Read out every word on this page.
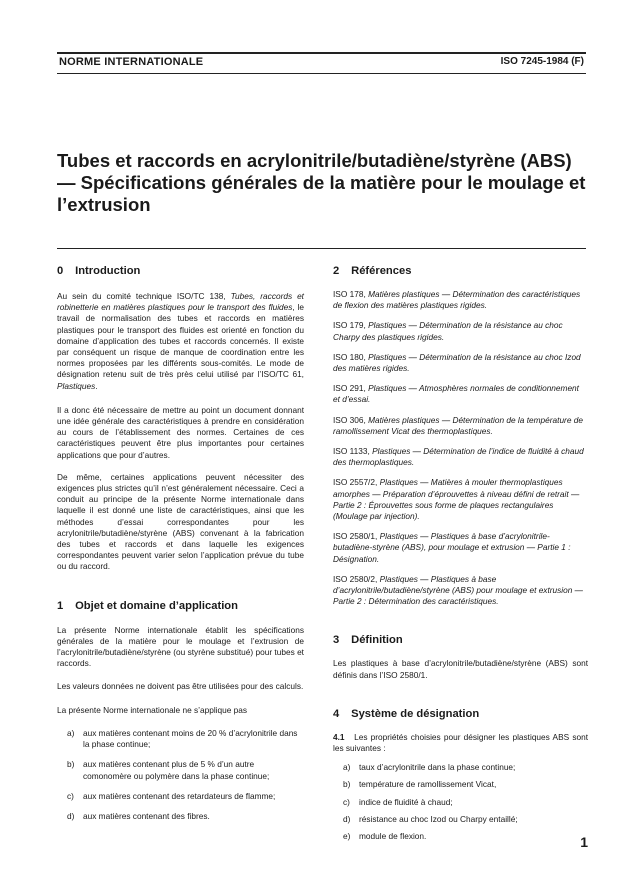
NORME INTERNATIONALE	ISO 7245-1984 (F)
Tubes et raccords en acrylonitrile/butadiène/styrène (ABS) — Spécifications générales de la matière pour le moulage et l’extrusion
0 Introduction

Au sein du comité technique ISO/TC 138, Tubes, raccords et robinetterie en matières plastiques pour le transport des fluides, le travail de normalisation des tubes et raccords en matières plastiques pour le transport des fluides est orienté en fonction du domaine d’application des tubes et raccords concernés. Il existe par conséquent un risque de manque de coordination entre les normes proposées par les différents sous-comités. Le mode de désignation retenu suit de très près celui utilisé par l’ISO/TC 61, Plastiques.

Il a donc été nécessaire de mettre au point un document donnant une idée générale des caractéristiques à prendre en considération au cours de l’établissement des normes. Certaines de ces caractéristiques peuvent être plus importantes pour certaines applications que pour d’autres.

De même, certaines applications peuvent nécessiter des exigences plus strictes qu’il n’est généralement nécessaire. Ceci a conduit au principe de la présente Norme internationale dans laquelle il est donné une liste de caractéristiques, ainsi que les méthodes d’essai correspondantes pour les acrylonitrile/butadiène/styrène (ABS) convenant à la fabrication des tubes et raccords et dans laquelle les exigences correspondantes peuvent varier selon l’application prévue du tube ou du raccord.

1 Objet et domaine d’application

La présente Norme internationale établit les spécifications générales de la matière pour le moulage et l’extrusion de l’acrylonitrile/butadiène/styrène (ou styrène substitué) pour tubes et raccords.

Les valeurs données ne doivent pas être utilisées pour des calculs.

La présente Norme internationale ne s’applique pas

a) aux matières contenant moins de 20 % d’acrylonitrile dans la phase continue;
b) aux matières contenant plus de 5 % d’un autre comonomère ou polymère dans la phase continue;
c) aux matières contenant des retardateurs de flamme;
d) aux matières contenant des fibres.
2 Références

ISO 178, Matières plastiques — Détermination des caractéristiques de flexion des matières plastiques rigides.

ISO 179, Plastiques — Détermination de la résistance au choc Charpy des plastiques rigides.

ISO 180, Plastiques — Détermination de la résistance au choc Izod des matières rigides.

ISO 291, Plastiques — Atmosphères normales de conditionnement et d’essai.

ISO 306, Matières plastiques — Détermination de la température de ramollissement Vicat des thermoplastiques.

ISO 1133, Plastiques — Détermination de l’indice de fluidité à chaud des thermoplastiques.

ISO 2557/2, Plastiques — Matières à mouler thermoplastiques amorphes — Préparation d’éprouvettes à niveau défini de retrait — Partie 2 : Éprouvettes sous forme de plaques rectangulaires (Moulage par injection).

ISO 2580/1, Plastiques — Plastiques à base d’acrylonitrile-butadiène-styrène (ABS), pour moulage et extrusion — Partie 1 : Désignation.

ISO 2580/2, Plastiques — Plastiques à base d’acrylonitrile/butadiène/styrène (ABS) pour moulage et extrusion — Partie 2 : Détermination des caractéristiques.

3 Définition

Les plastiques à base d’acrylonitrile/butadiène/styrène (ABS) sont définis dans l’ISO 2580/1.

4 Système de désignation

4.1 Les propriétés choisies pour désigner les plastiques ABS sont les suivantes :

a) taux d’acrylonitrile dans la phase continue;
b) température de ramollissement Vicat,
c) indice de fluidité à chaud;
d) résistance au choc Izod ou Charpy entaillé;
e) module de flexion.	1
